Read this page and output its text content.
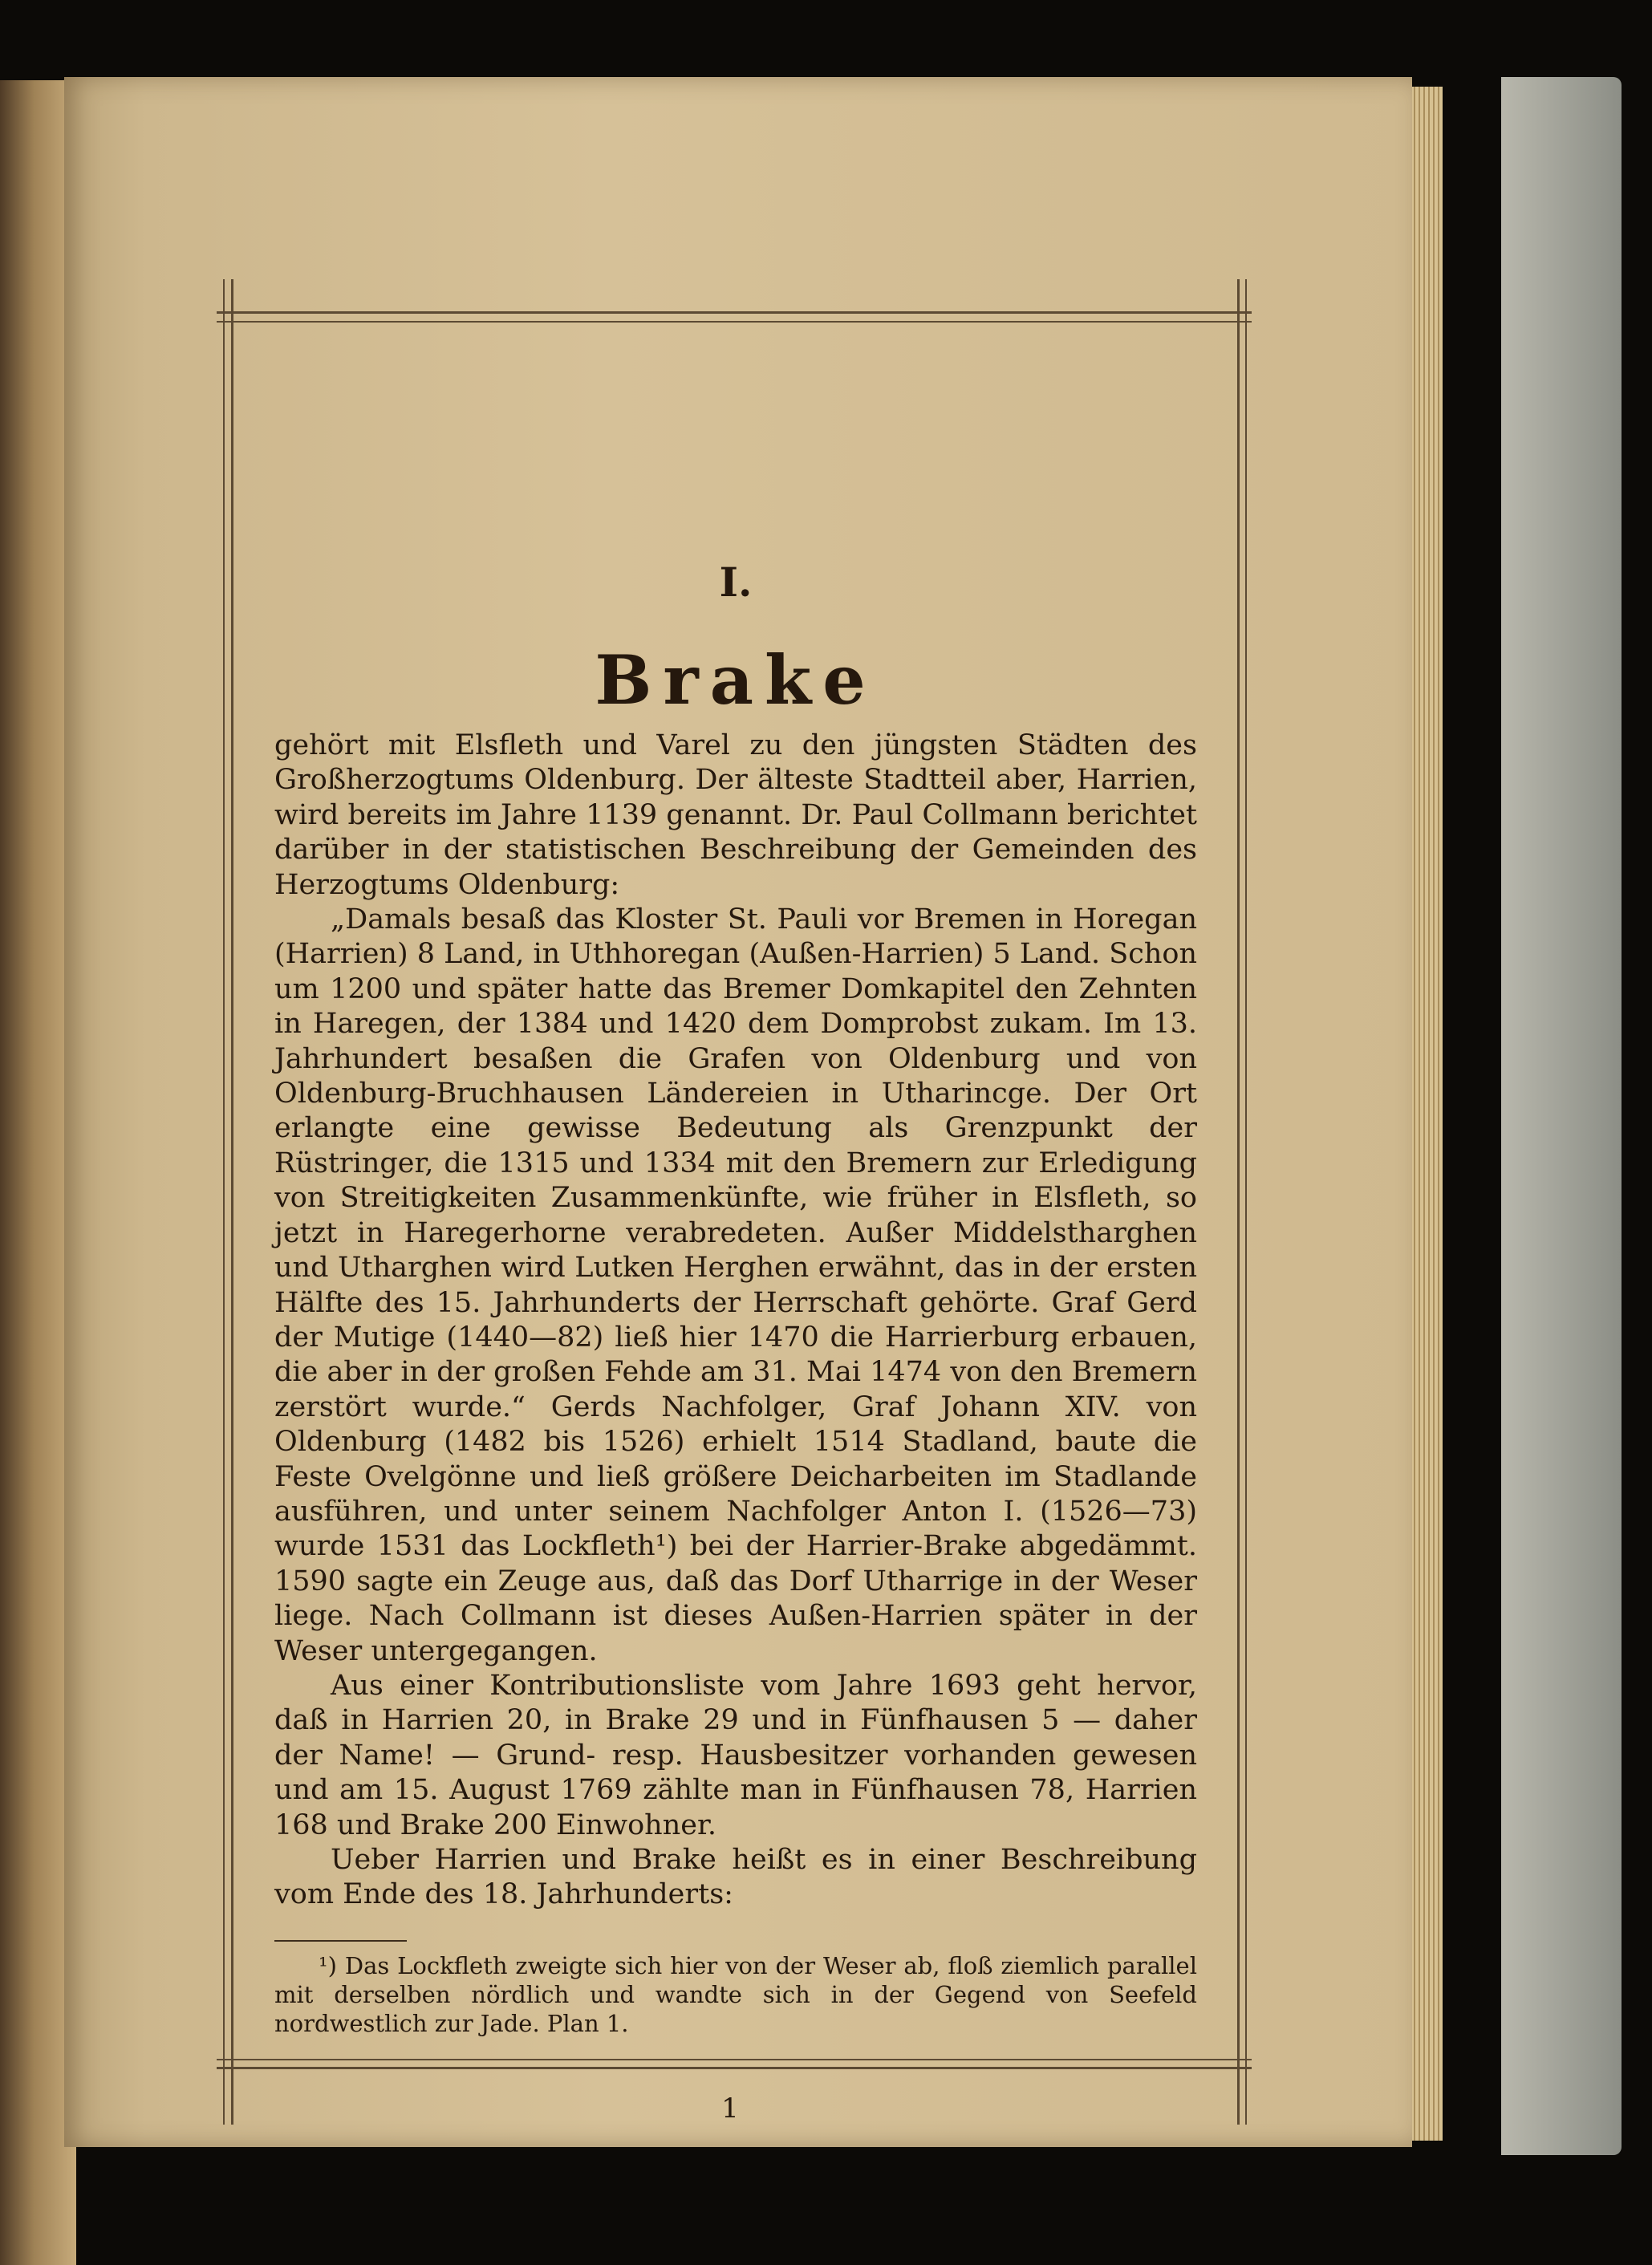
I.
Brake

gehört mit Elsfleth und Varel zu den jüngsten Städten des Großherzogtums Oldenburg. Der älteste Stadtteil aber, Harrien, wird bereits im Jahre 1139 genannt. Dr. Paul Collmann berichtet darüber in der statistischen Beschreibung der Gemeinden des Herzogtums Oldenburg:

„Damals besaß das Kloster St. Pauli vor Bremen in Horegan (Harrien) 8 Land, in Uthhoregan (Außen-Harrien) 5 Land. Schon um 1200 und später hatte das Bremer Domkapitel den Zehnten in Haregen, der 1384 und 1420 dem Domprobst zukam. Im 13. Jahrhundert besaßen die Grafen von Oldenburg und von Oldenburg-Bruchhausen Ländereien in Utharincge. Der Ort erlangte eine gewisse Bedeutung als Grenzpunkt der Rüstringer, die 1315 und 1334 mit den Bremern zur Erledigung von Streitigkeiten Zusammenkünfte, wie früher in Elsfleth, so jetzt in Haregerhorne verabredeten. Außer Middelstharghen und Utharghen wird Lutken Herghen erwähnt, das in der ersten Hälfte des 15. Jahrhunderts der Herrschaft gehörte. Graf Gerd der Mutige (1440—82) ließ hier 1470 die Harrierburg erbauen, die aber in der großen Fehde am 31. Mai 1474 von den Bremern zerstört wurde.“ Gerds Nachfolger, Graf Johann XIV. von Oldenburg (1482 bis 1526) erhielt 1514 Stadland, baute die Feste Ovelgönne und ließ größere Deicharbeiten im Stadlande ausführen, und unter seinem Nachfolger Anton I. (1526—73) wurde 1531 das Lockfleth¹) bei der Harrier-Brake abgedämmt. 1590 sagte ein Zeuge aus, daß das Dorf Utharrige in der Weser liege. Nach Collmann ist dieses Außen-Harrien später in der Weser untergegangen.

Aus einer Kontributionsliste vom Jahre 1693 geht hervor, daß in Harrien 20, in Brake 29 und in Fünfhausen 5 — daher der Name! — Grund- resp. Hausbesitzer vorhanden gewesen und am 15. August 1769 zählte man in Fünfhausen 78, Harrien 168 und Brake 200 Einwohner.

Ueber Harrien und Brake heißt es in einer Beschreibung vom Ende des 18. Jahrhunderts:

¹) Das Lockfleth zweigte sich hier von der Weser ab, floß ziemlich parallel mit derselben nördlich und wandte sich in der Gegend von Seefeld nordwestlich zur Jade. Plan 1.

1
